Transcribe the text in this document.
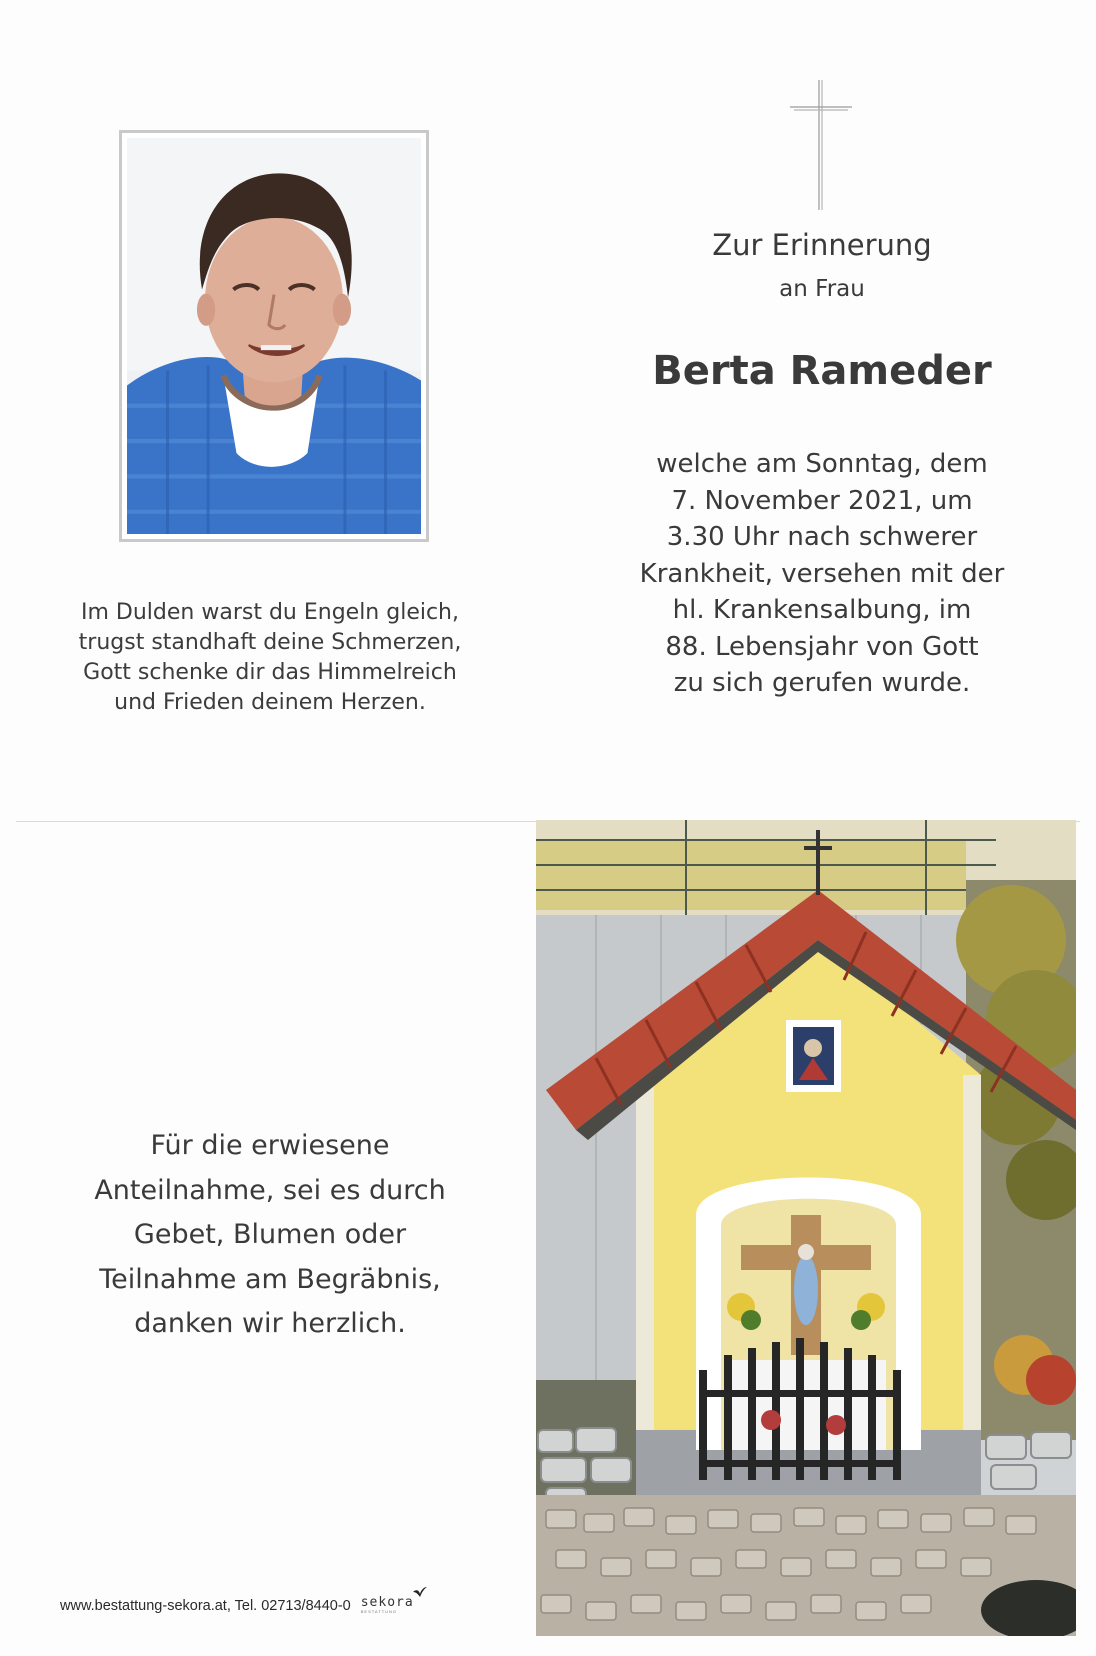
Im Dulden warst du Engeln gleich,
trugst standhaft deine Schmerzen,
Gott schenke dir das Himmelreich
und Frieden deinem Herzen.
Zur Erinnerung
an Frau
Berta Rameder
welche am Sonntag, dem
7. November 2021, um
3.30 Uhr nach schwerer
Krankheit, versehen mit der
hl. Krankensalbung, im
88. Lebensjahr von Gott
zu sich gerufen wurde.
Für die erwiesene
Anteilnahme, sei es durch
Gebet, Blumen oder
Teilnahme am Begräbnis,
danken wir herzlich.
www.bestattung-sekora.at, Tel. 02713/8440-0 sekora
BESTATTUNG
